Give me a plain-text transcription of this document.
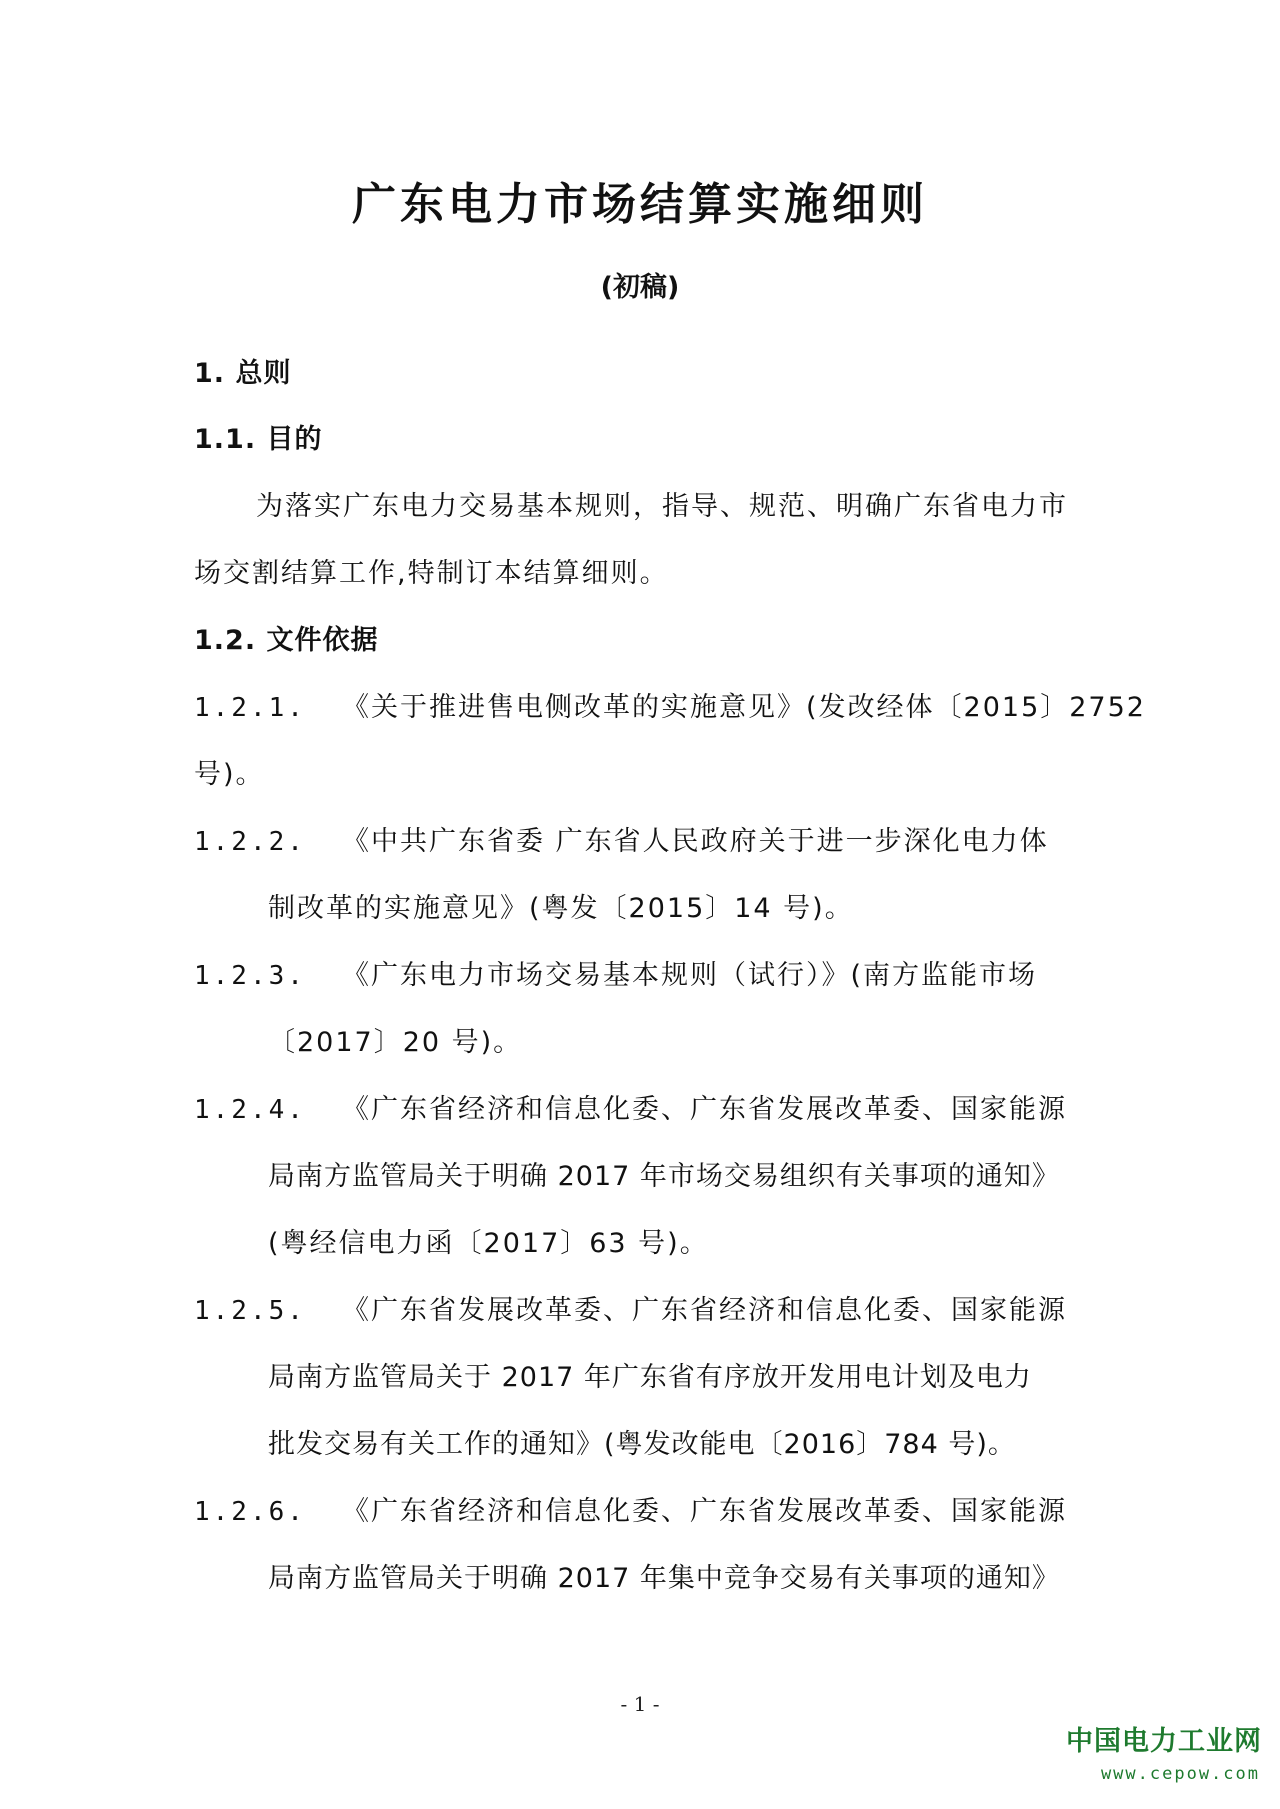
广东电力市场结算实施细则
(初稿)
1. 总则
1.1. 目的
为落实广东电力交易基本规则，指导、规范、明确广东省电力市
场交割结算工作,特制订本结算细则。
1.2. 文件依据
1.2.1. 《关于推进售电侧改革的实施意见》(发改经体〔2015〕2752
号)。
1.2.2. 《中共广东省委 广东省人民政府关于进一步深化电力体
制改革的实施意见》(粤发〔2015〕14 号)。
1.2.3. 《广东电力市场交易基本规则（试行）》(南方监能市场
〔2017〕20 号)。
1.2.4. 《广东省经济和信息化委、广东省发展改革委、国家能源
局南方监管局关于明确 2017 年市场交易组织有关事项的通知》
(粤经信电力函〔2017〕63 号)。
1.2.5. 《广东省发展改革委、广东省经济和信息化委、国家能源
局南方监管局关于 2017 年广东省有序放开发用电计划及电力
批发交易有关工作的通知》(粤发改能电〔2016〕784 号)。
1.2.6. 《广东省经济和信息化委、广东省发展改革委、国家能源
局南方监管局关于明确 2017 年集中竞争交易有关事项的通知》
- 1 -
中国电力工业网
www.cepow.com
